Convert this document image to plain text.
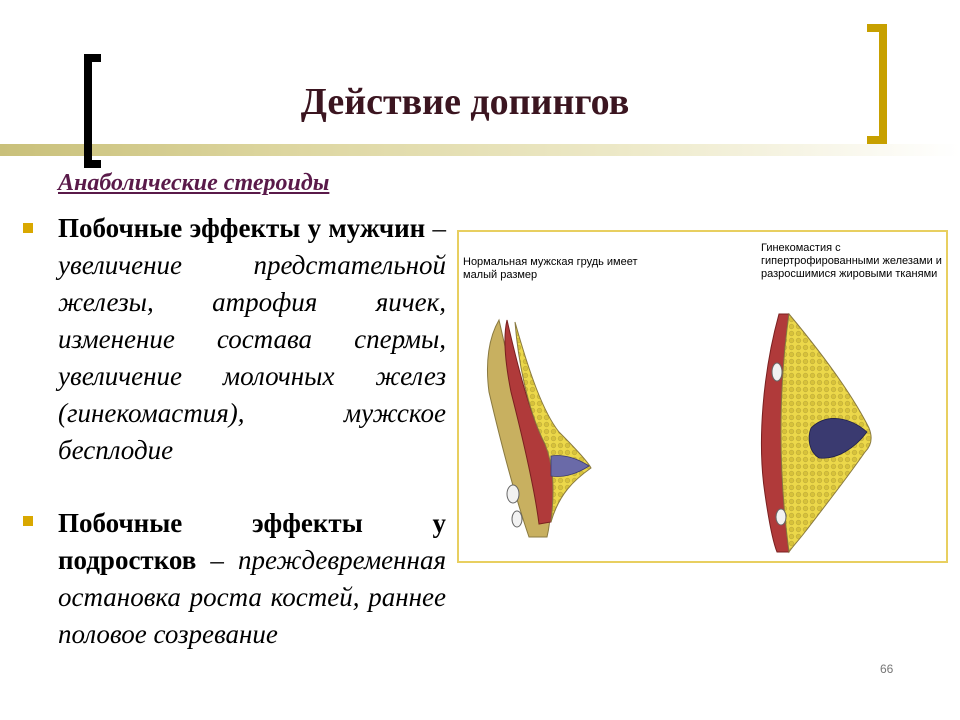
Действие допингов
Анаболические стероиды
Побочные эффекты у мужчин – увеличение предстательной железы, атрофия яичек, изменение состава спермы, увеличение молочных желез (гинекомастия), мужское бесплодие
Побочные эффекты у подростков – преждевременная остановка роста костей, раннее половое созревание
Нормальная мужская грудь имеет малый размер
Гинекомастия с гипертрофированными железами и разросшимися жировыми тканями
66
